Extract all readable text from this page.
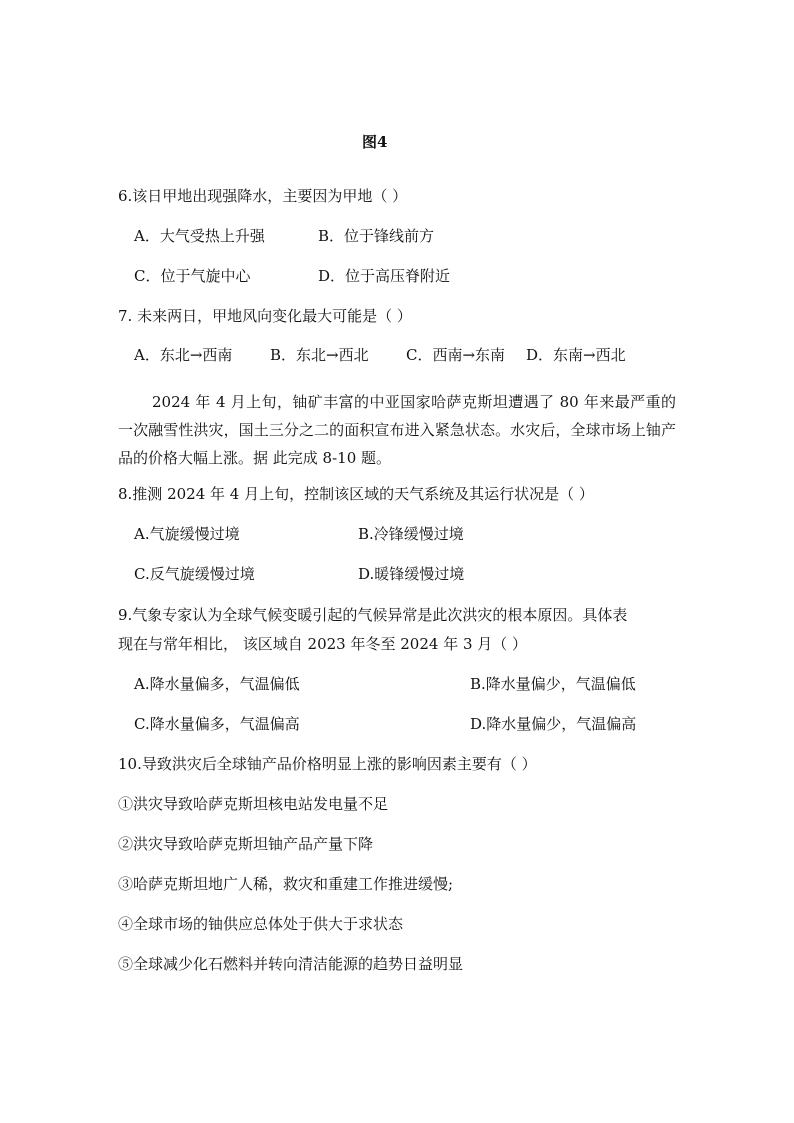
图4
6.该日甲地出现强降水，主要因为甲地（ ）
A．大气受热上升强	B．位于锋线前方
C．位于气旋中心	D．位于高压脊附近
7. 未来两日，甲地风向变化最大可能是（ ）
A．东北→西南	B．东北→西北 C．西南→东南 D．东南→西北
2024 年 4 月上旬，铀矿丰富的中亚国家哈萨克斯坦遭遇了 80 年来最严重的一次融雪性洪灾，国土三分之二的面积宣布进入紧急状态。水灾后，全球市场上铀产品的价格大幅上涨。据 此完成 8-10 题。
8.推测 2024 年 4 月上旬，控制该区域的天气系统及其运行状况是（ ）
A.气旋缓慢过境	B.冷锋缓慢过境
C.反气旋缓慢过境	D.暖锋缓慢过境
9.气象专家认为全球气候变暖引起的气候异常是此次洪灾的根本原因。具体表
现在与常年相比， 该区域自 2023 年冬至 2024 年 3 月（ ）
A.降水量偏多，气温偏低	B.降水量偏少，气温偏低
C.降水量偏多，气温偏高	D.降水量偏少，气温偏高
10.导致洪灾后全球铀产品价格明显上涨的影响因素主要有（ ）
①洪灾导致哈萨克斯坦核电站发电量不足
②洪灾导致哈萨克斯坦铀产品产量下降
③哈萨克斯坦地广人稀，救灾和重建工作推进缓慢;
④全球市场的铀供应总体处于供大于求状态
⑤全球减少化石燃料并转向清洁能源的趋势日益明显
